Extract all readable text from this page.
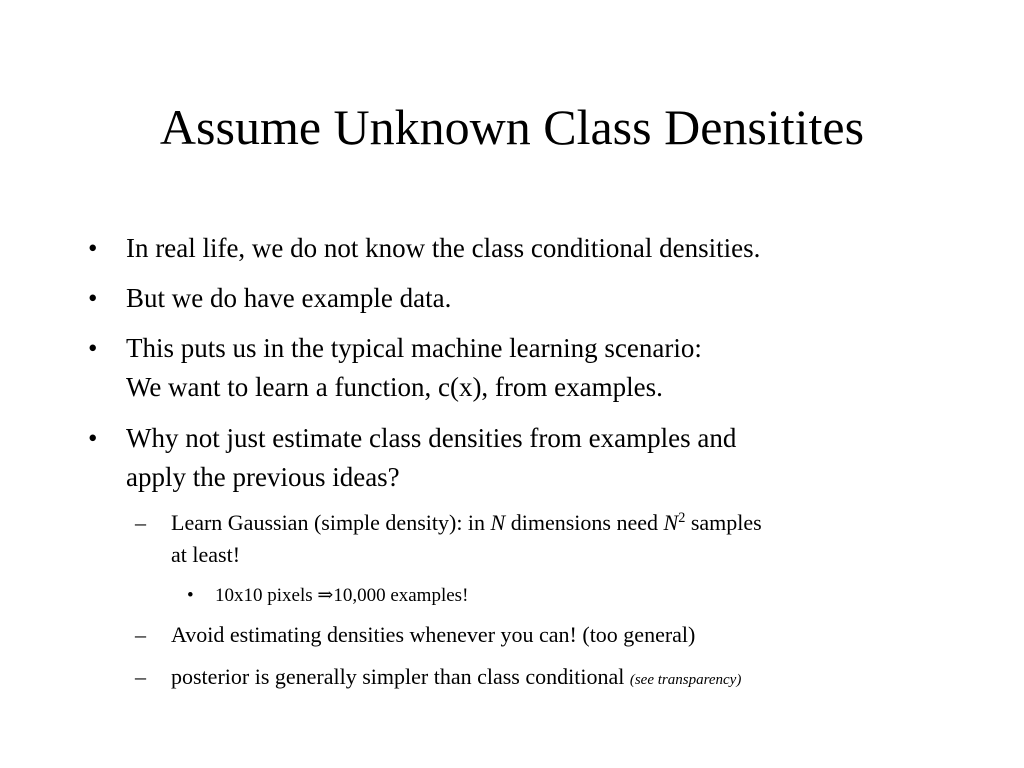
Assume Unknown Class Densitites
• In real life, we do not know the class conditional densities.
• But we do have example data.
• This puts us in the typical machine learning scenario:
We want to learn a function, c(x), from examples.
• Why not just estimate class densities from examples and
apply the previous ideas?
– Learn Gaussian (simple density): in N dimensions need $N^2$ samples
at least!
• 10x10 pixels ⇒10,000 examples!
– Avoid estimating densities whenever you can! (too general)
– posterior is generally simpler than class conditional (see transparency)
